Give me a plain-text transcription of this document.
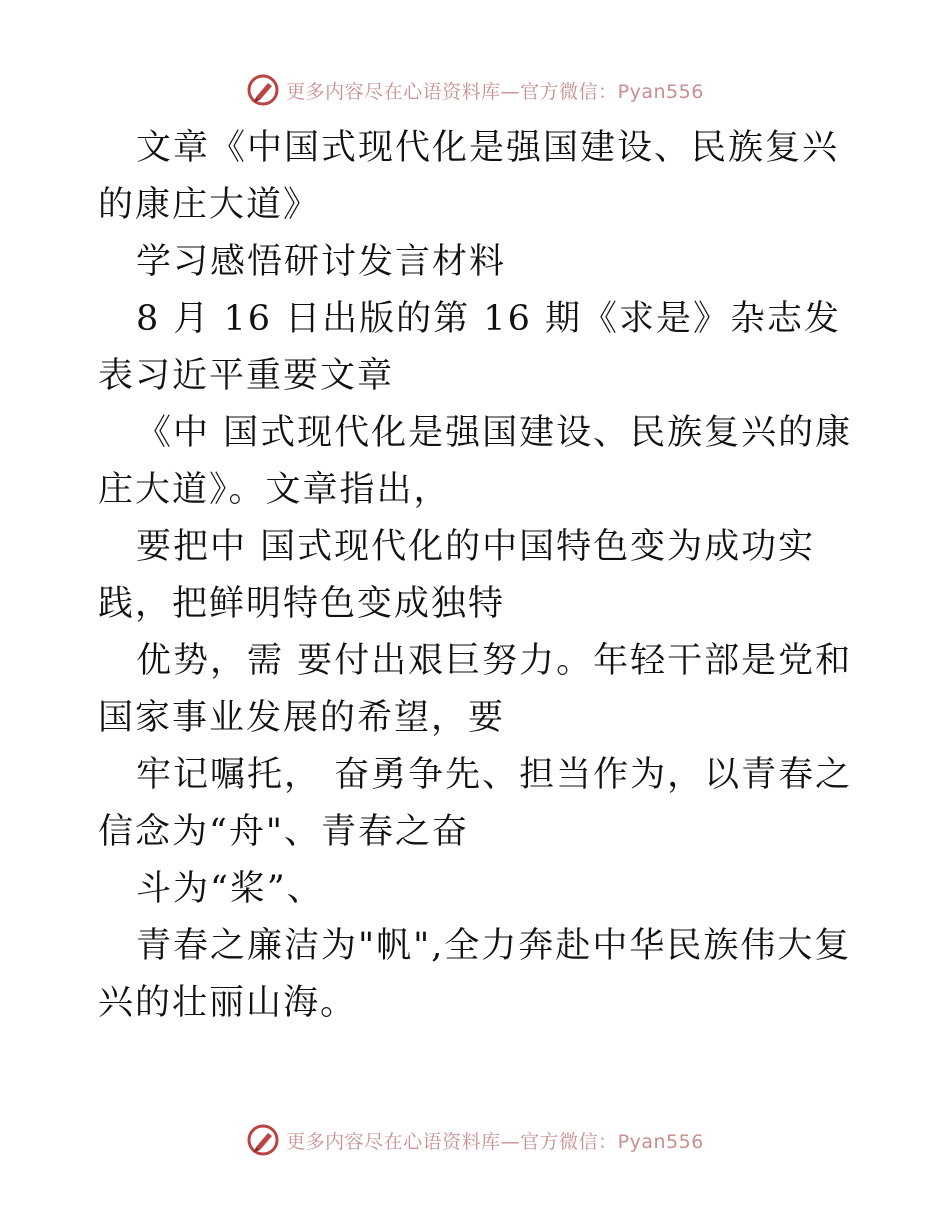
更多内容尽在心语资料库—官方微信：Pyan556

文章《中国式现代化是强国建设、民族复兴的康庄大道》

学习感悟研讨发言材料

8 月 16 日出版的第 16 期《求是》杂志发表习近平重要文章

《中 国式现代化是强国建设、民族复兴的康庄大道》。文章指出，

要把中 国式现代化的中国特色变为成功实践，把鲜明特色变成独特

优势，需 要付出艰巨努力。年轻干部是党和国家事业发展的希望，要

牢记嘱托， 奋勇争先、担当作为，以青春之信念为“舟"、青春之奋

斗为“桨”、

青春之廉洁为"帆",全力奔赴中华民族伟大复兴的壮丽山海。

更多内容尽在心语资料库—官方微信：Pyan556
